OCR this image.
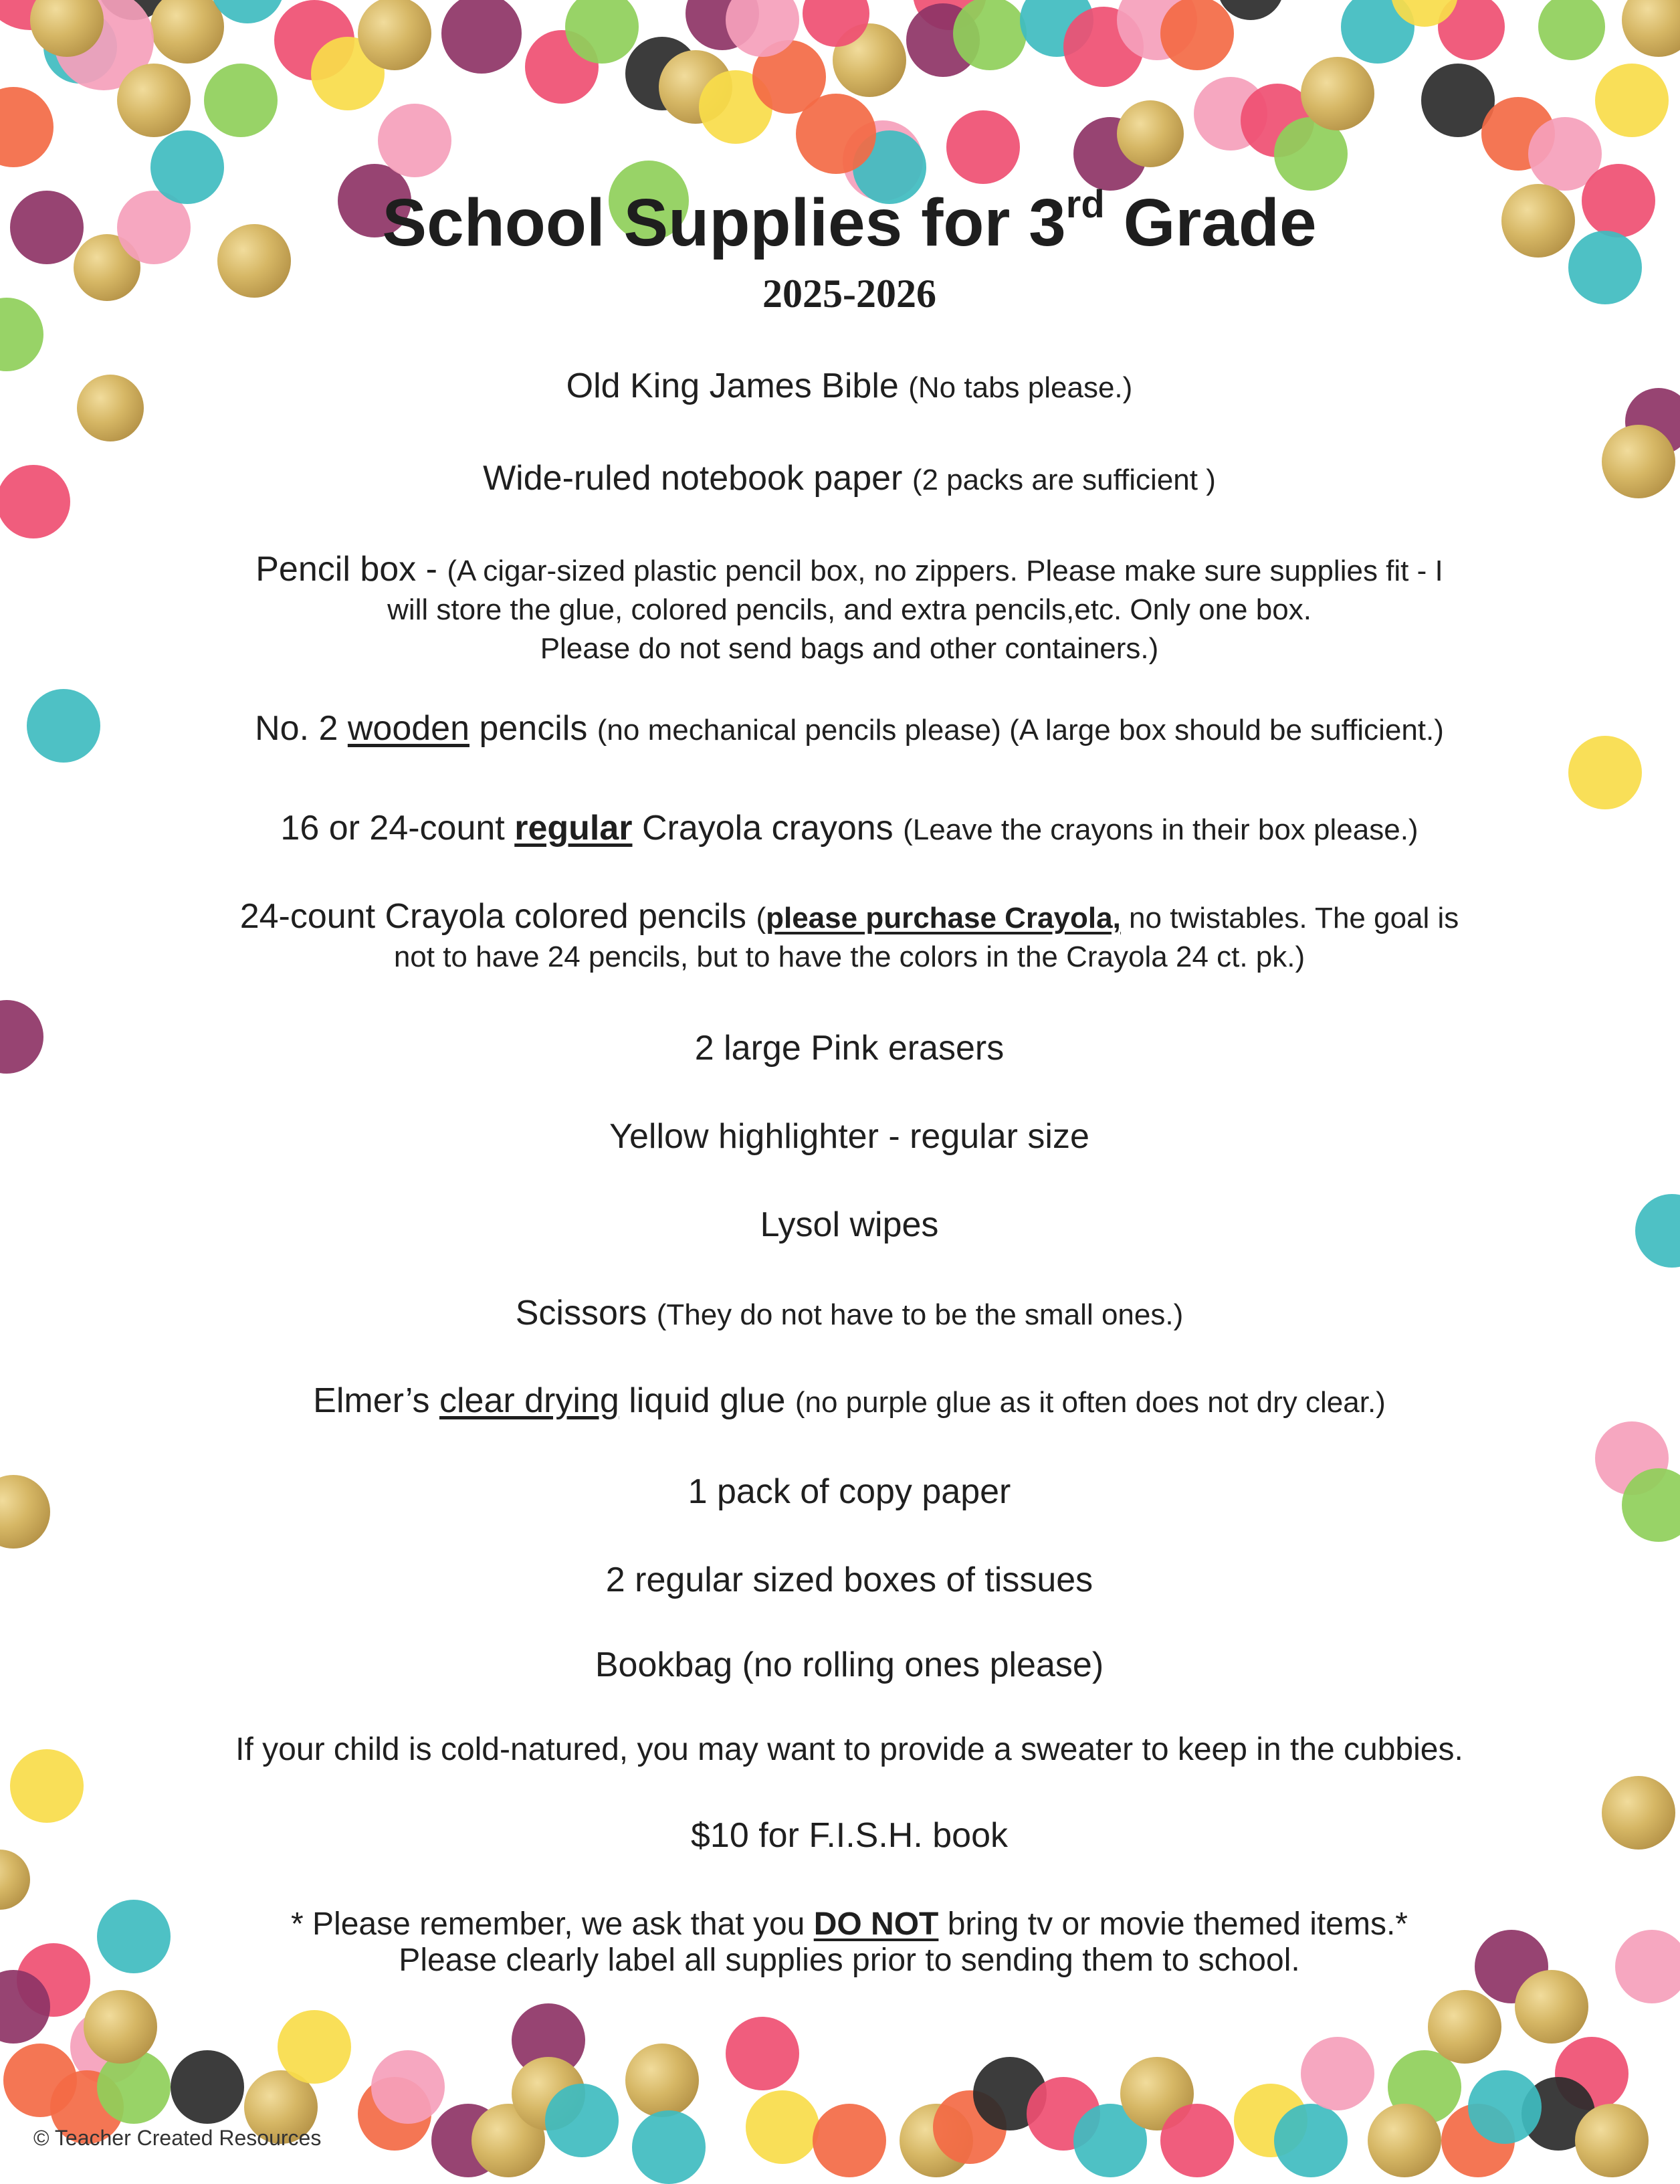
School Supplies for 3rd Grade
2025-2026
Old King James Bible (No tabs please.)
Wide-ruled notebook paper (2 packs are sufficient )
Pencil box - (A cigar-sized plastic pencil box, no zippers. Please make sure supplies fit - I
will store the glue, colored pencils, and extra pencils,etc. Only one box.
Please do not send bags and other containers.)
No. 2 wooden pencils (no mechanical pencils please) (A large box should be sufficient.)
16 or 24-count regular Crayola crayons (Leave the crayons in their box please.)
24-count Crayola colored pencils (please purchase Crayola, no twistables. The goal is
not to have 24 pencils, but to have the colors in the Crayola 24 ct. pk.)
2 large Pink erasers
Yellow highlighter - regular size
Lysol wipes
Scissors (They do not have to be the small ones.)
Elmer’s clear drying liquid glue (no purple glue as it often does not dry clear.)
1 pack of copy paper
2 regular sized boxes of tissues
Bookbag (no rolling ones please)
If your child is cold-natured, you may want to provide a sweater to keep in the cubbies.
$10 for F.I.S.H. book
* Please remember, we ask that you DO NOT bring tv or movie themed items.*
Please clearly label all supplies prior to sending them to school.
© Teacher Created Resources
